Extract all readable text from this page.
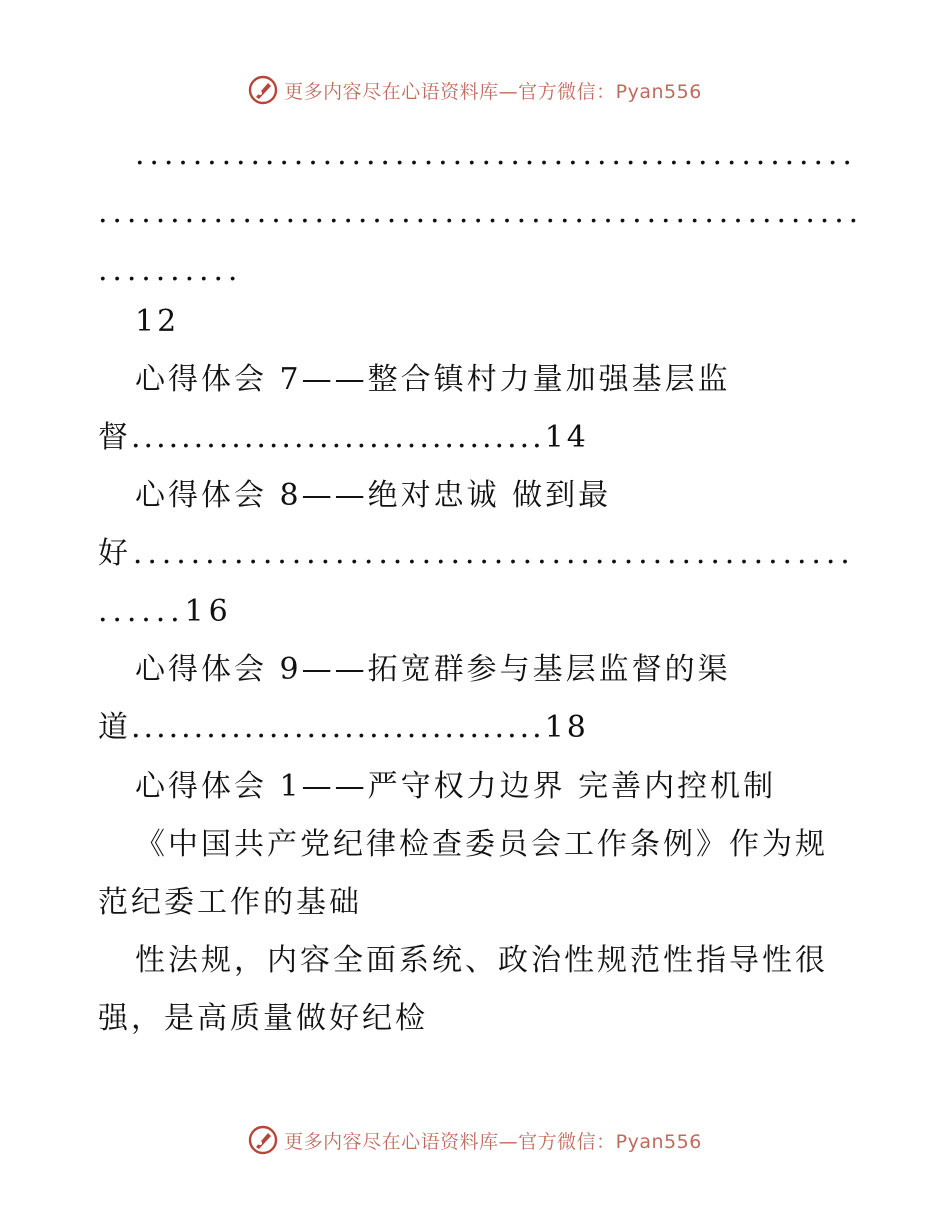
更多内容尽在心语资料库—官方微信：Pyan556
..................................................
.....................................................
..........
12
心得体会 7——整合镇村力量加强基层监
督.................................14
心得体会 8——绝对忠诚 做到最
好..................................................
......16
心得体会 9——拓宽群参与基层监督的渠
道.................................18
心得体会 1——严守权力边界 完善内控机制
《中国共产党纪律检查委员会工作条例》作为规
范纪委工作的基础
性法规，内容全面系统、政治性规范性指导性很
强，是高质量做好纪检
更多内容尽在心语资料库—官方微信：Pyan556
